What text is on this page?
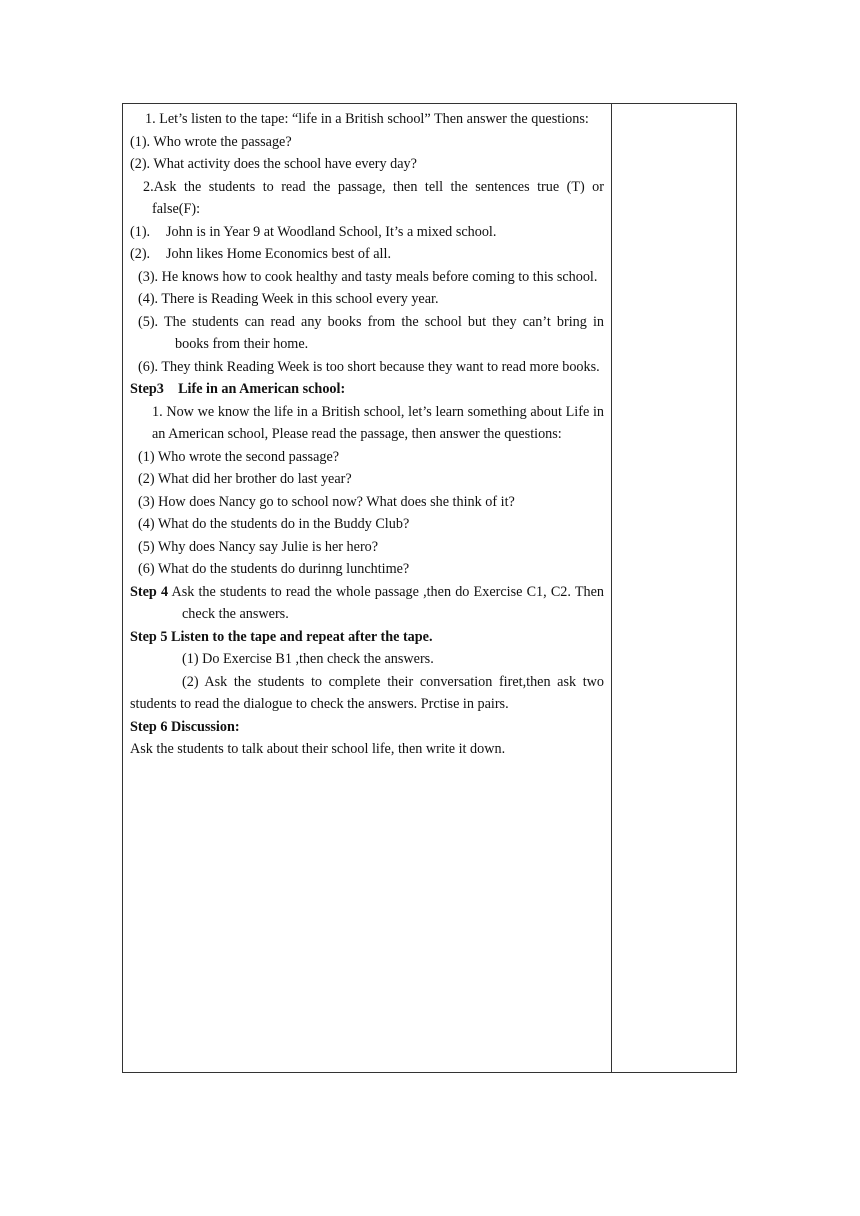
1. Let’s listen to the tape: “life in a British school” Then answer the questions:

(1). Who wrote the passage?

(2). What activity does the school have every day?

2.Ask the students to read the passage, then tell the sentences true (T) or false(F):

(1). John is in Year 9 at Woodland School, It’s a mixed school.

(2). John likes Home Economics best of all.

(3). He knows how to cook healthy and tasty meals before coming to this school.

(4). There is Reading Week in this school every year.

(5). The students can read any books from the school but they can’t bring in books from their home.

(6). They think Reading Week is too short because they want to read more books.

Step3    Life in an American school:

1. Now we know the life in a British school, let’s learn something about Life in an American school, Please read the passage, then answer the questions:

(1) Who wrote the second passage?

(2) What did her brother do last year?

(3) How does Nancy go to school now? What does she think of it?

(4) What do the students do in the Buddy Club?

(5) Why does Nancy say Julie is her hero?

(6) What do the students do durinng lunchtime?

Step 4 Ask the students to read the whole passage ,then do Exercise C1, C2. Then check the answers.

Step 5 Listen to the tape and repeat after the tape.

(1) Do Exercise B1 ,then check the answers.

(2) Ask the students to complete their conversation firet,then ask two students to read the dialogue to check the answers. Prctise in pairs.

Step 6 Discussion:

Ask the students to talk about their school life, then write it down.
